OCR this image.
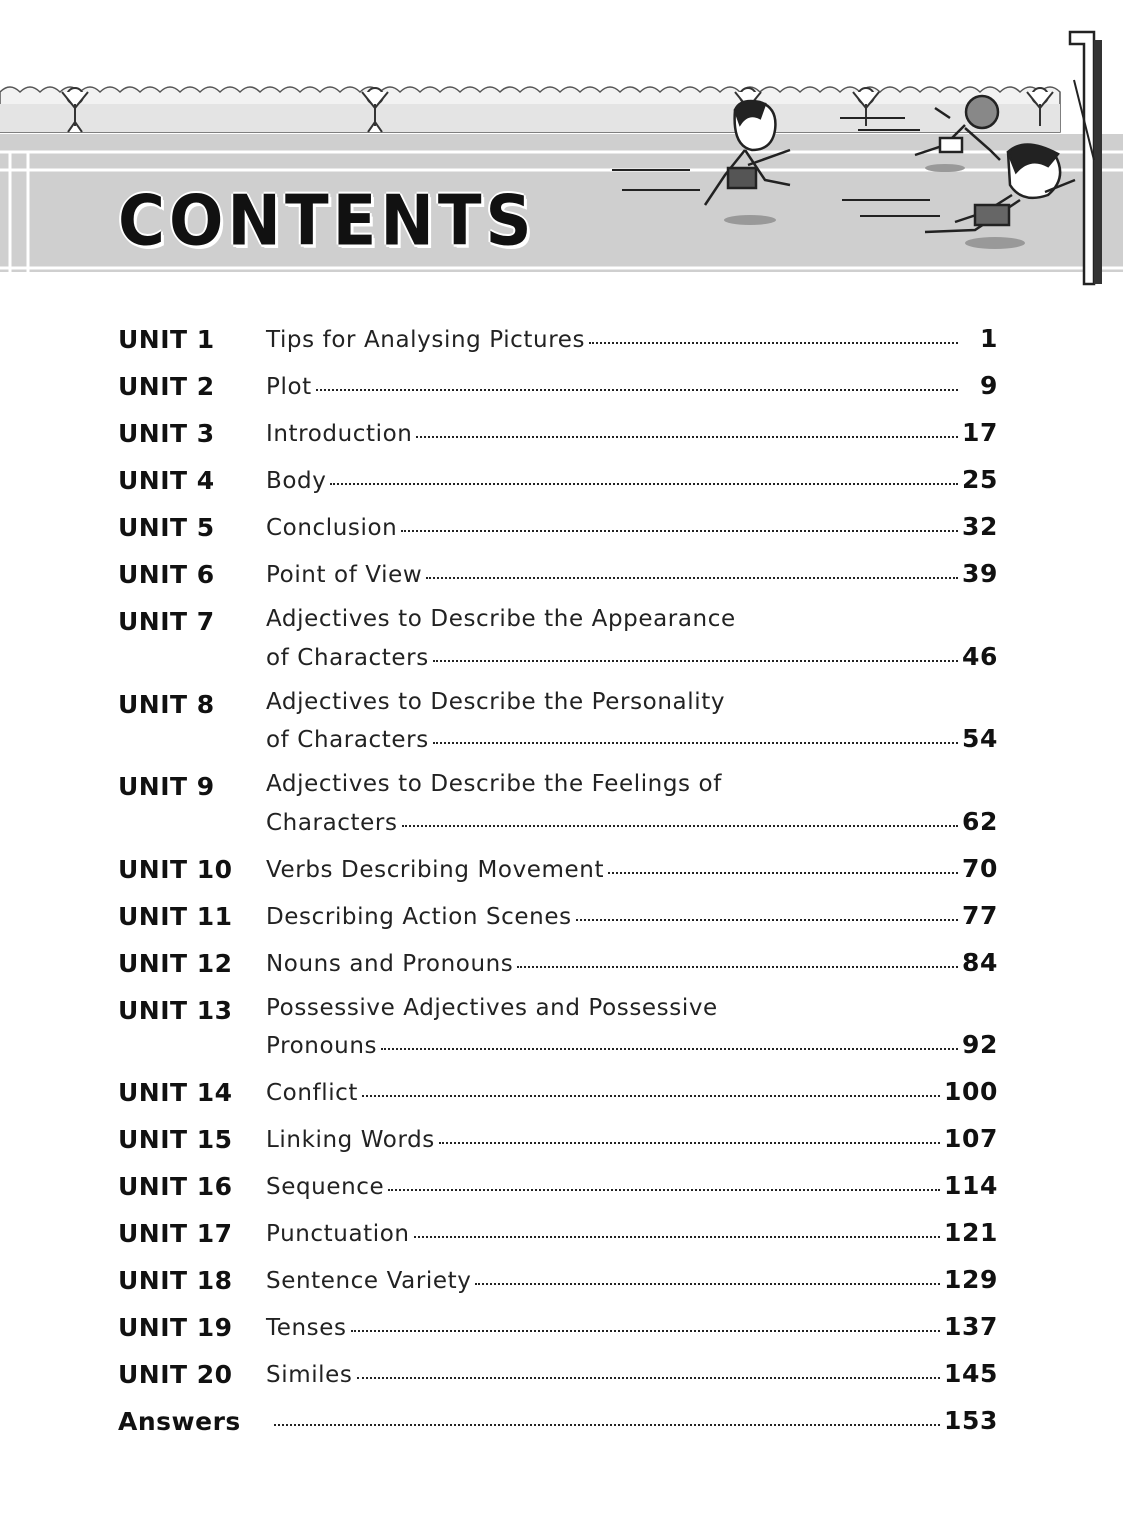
CONTENTS
UNIT 1 Tips for Analysing Pictures	1
UNIT 2 Plot	9
UNIT 3 Introduction	17
UNIT 4 Body	25
UNIT 5 Conclusion	32
UNIT 6 Point of View	39
UNIT 7 Adjectives to Describe the Appearance
of Characters	46
UNIT 8 Adjectives to Describe the Personality
of Characters	54
UNIT 9 Adjectives to Describe the Feelings of
Characters	62
UNIT 10 Verbs Describing Movement	70
UNIT 11 Describing Action Scenes	77
UNIT 12 Nouns and Pronouns	84
UNIT 13 Possessive Adjectives and Possessive
Pronouns	92
UNIT 14 Conflict	100
UNIT 15 Linking Words	107
UNIT 16 Sequence	114
UNIT 17 Punctuation	121
UNIT 18 Sentence Variety	129
UNIT 19 Tenses	137
UNIT 20 Similes	145
Answers	153
